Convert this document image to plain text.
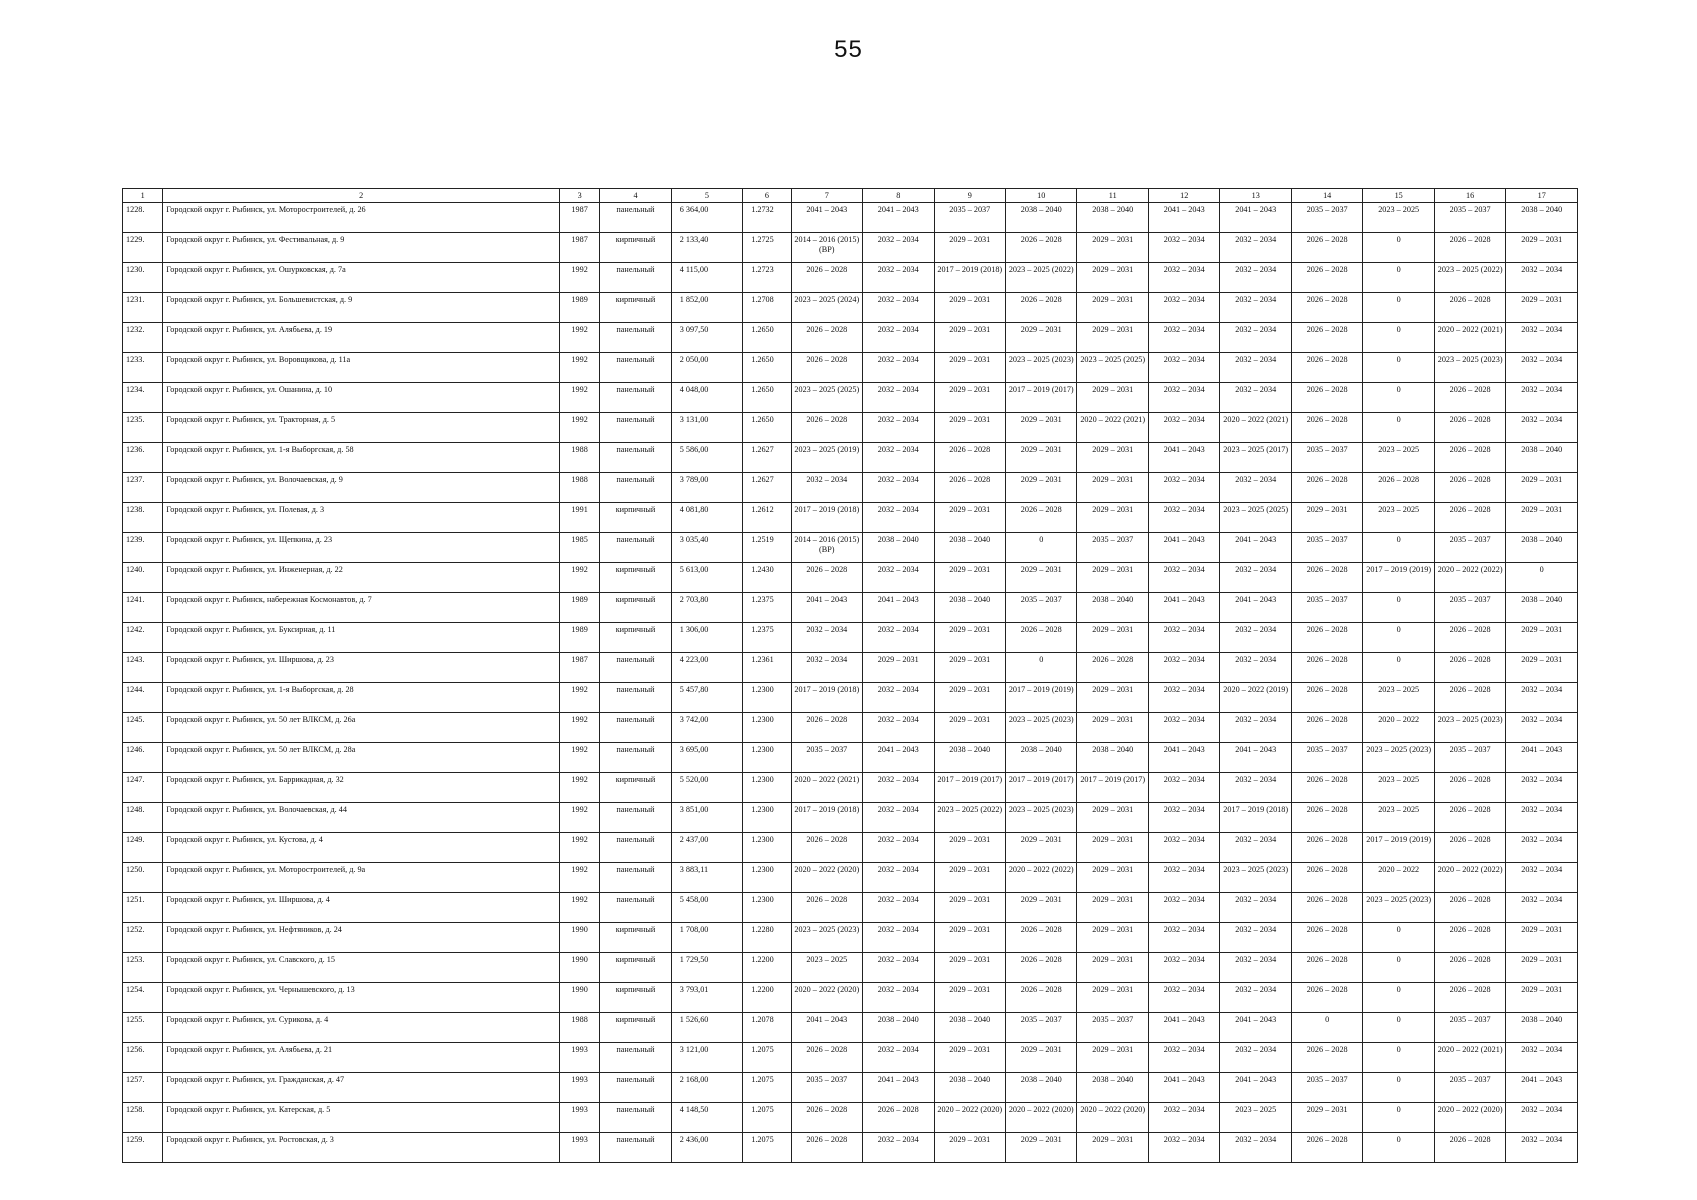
55
1	2	3	4	5	6	7	8	9	10	11	12	13	14	15	16	17
1228.	Городской округ г. Рыбинск, ул. Моторостроителей, д. 26	1987	панельный	6 364,00	1.2732	2041 – 2043	2041 – 2043	2035 – 2037	2038 – 2040	2038 – 2040	2041 – 2043	2041 – 2043	2035 – 2037	2023 – 2025	2035 – 2037	2038 – 2040
1229.	Городской округ г. Рыбинск, ул. Фестивальная, д. 9	1987	кирпичный	2 133,40	1.2725	2014 – 2016 (2015)(ВР)	2032 – 2034	2029 – 2031	2026 – 2028	2029 – 2031	2032 – 2034	2032 – 2034	2026 – 2028	0	2026 – 2028	2029 – 2031
1230.	Городской округ г. Рыбинск, ул. Ошурковская, д. 7а	1992	панельный	4 115,00	1.2723	2026 – 2028	2032 – 2034	2017 – 2019 (2018)	2023 – 2025 (2022)	2029 – 2031	2032 – 2034	2032 – 2034	2026 – 2028	0	2023 – 2025 (2022)	2032 – 2034
1231.	Городской округ г. Рыбинск, ул. Большевистская, д. 9	1989	кирпичный	1 852,00	1.2708	2023 – 2025 (2024)	2032 – 2034	2029 – 2031	2026 – 2028	2029 – 2031	2032 – 2034	2032 – 2034	2026 – 2028	0	2026 – 2028	2029 – 2031
1232.	Городской округ г. Рыбинск, ул. Алябьева, д. 19	1992	панельный	3 097,50	1.2650	2026 – 2028	2032 – 2034	2029 – 2031	2029 – 2031	2029 – 2031	2032 – 2034	2032 – 2034	2026 – 2028	0	2020 – 2022 (2021)	2032 – 2034
1233.	Городской округ г. Рыбинск, ул. Воровщикова, д. 11а	1992	панельный	2 050,00	1.2650	2026 – 2028	2032 – 2034	2029 – 2031	2023 – 2025 (2023)	2023 – 2025 (2025)	2032 – 2034	2032 – 2034	2026 – 2028	0	2023 – 2025 (2023)	2032 – 2034
1234.	Городской округ г. Рыбинск, ул. Ошанина, д. 10	1992	панельный	4 048,00	1.2650	2023 – 2025 (2025)	2032 – 2034	2029 – 2031	2017 – 2019 (2017)	2029 – 2031	2032 – 2034	2032 – 2034	2026 – 2028	0	2026 – 2028	2032 – 2034
1235.	Городской округ г. Рыбинск, ул. Тракторная, д. 5	1992	панельный	3 131,00	1.2650	2026 – 2028	2032 – 2034	2029 – 2031	2029 – 2031	2020 – 2022 (2021)	2032 – 2034	2020 – 2022 (2021)	2026 – 2028	0	2026 – 2028	2032 – 2034
1236.	Городской округ г. Рыбинск, ул. 1-я Выборгская, д. 58	1988	панельный	5 586,00	1.2627	2023 – 2025 (2019)	2032 – 2034	2026 – 2028	2029 – 2031	2029 – 2031	2041 – 2043	2023 – 2025 (2017)	2035 – 2037	2023 – 2025	2026 – 2028	2038 – 2040
1237.	Городской округ г. Рыбинск, ул. Волочаевская, д. 9	1988	панельный	3 789,00	1.2627	2032 – 2034	2032 – 2034	2026 – 2028	2029 – 2031	2029 – 2031	2032 – 2034	2032 – 2034	2026 – 2028	2026 – 2028	2026 – 2028	2029 – 2031
1238.	Городской округ г. Рыбинск, ул. Полевая, д. 3	1991	кирпичный	4 081,80	1.2612	2017 – 2019 (2018)	2032 – 2034	2029 – 2031	2026 – 2028	2029 – 2031	2032 – 2034	2023 – 2025 (2025)	2029 – 2031	2023 – 2025	2026 – 2028	2029 – 2031
1239.	Городской округ г. Рыбинск, ул. Щепкина, д. 23	1985	панельный	3 035,40	1.2519	2014 – 2016 (2015)(ВР)	2038 – 2040	2038 – 2040	0	2035 – 2037	2041 – 2043	2041 – 2043	2035 – 2037	0	2035 – 2037	2038 – 2040
1240.	Городской округ г. Рыбинск, ул. Инженерная, д. 22	1992	кирпичный	5 613,00	1.2430	2026 – 2028	2032 – 2034	2029 – 2031	2029 – 2031	2029 – 2031	2032 – 2034	2032 – 2034	2026 – 2028	2017 – 2019 (2019)	2020 – 2022 (2022)	0
1241.	Городской округ г. Рыбинск, набережная Космонавтов, д. 7	1989	кирпичный	2 703,80	1.2375	2041 – 2043	2041 – 2043	2038 – 2040	2035 – 2037	2038 – 2040	2041 – 2043	2041 – 2043	2035 – 2037	0	2035 – 2037	2038 – 2040
1242.	Городской округ г. Рыбинск, ул. Буксирная, д. 11	1989	кирпичный	1 306,00	1.2375	2032 – 2034	2032 – 2034	2029 – 2031	2026 – 2028	2029 – 2031	2032 – 2034	2032 – 2034	2026 – 2028	0	2026 – 2028	2029 – 2031
1243.	Городской округ г. Рыбинск, ул. Ширшова, д. 23	1987	панельный	4 223,00	1.2361	2032 – 2034	2029 – 2031	2029 – 2031	0	2026 – 2028	2032 – 2034	2032 – 2034	2026 – 2028	0	2026 – 2028	2029 – 2031
1244.	Городской округ г. Рыбинск, ул. 1-я Выборгская, д. 28	1992	панельный	5 457,80	1.2300	2017 – 2019 (2018)	2032 – 2034	2029 – 2031	2017 – 2019 (2019)	2029 – 2031	2032 – 2034	2020 – 2022 (2019)	2026 – 2028	2023 – 2025	2026 – 2028	2032 – 2034
1245.	Городской округ г. Рыбинск, ул. 50 лет ВЛКСМ, д. 26а	1992	панельный	3 742,00	1.2300	2026 – 2028	2032 – 2034	2029 – 2031	2023 – 2025 (2023)	2029 – 2031	2032 – 2034	2032 – 2034	2026 – 2028	2020 – 2022	2023 – 2025 (2023)	2032 – 2034
1246.	Городской округ г. Рыбинск, ул. 50 лет ВЛКСМ, д. 28а	1992	панельный	3 695,00	1.2300	2035 – 2037	2041 – 2043	2038 – 2040	2038 – 2040	2038 – 2040	2041 – 2043	2041 – 2043	2035 – 2037	2023 – 2025 (2023)	2035 – 2037	2041 – 2043
1247.	Городской округ г. Рыбинск, ул. Баррикадная, д. 32	1992	кирпичный	5 520,00	1.2300	2020 – 2022 (2021)	2032 – 2034	2017 – 2019 (2017)	2017 – 2019 (2017)	2017 – 2019 (2017)	2032 – 2034	2032 – 2034	2026 – 2028	2023 – 2025	2026 – 2028	2032 – 2034
1248.	Городской округ г. Рыбинск, ул. Волочаевская, д. 44	1992	панельный	3 851,00	1.2300	2017 – 2019 (2018)	2032 – 2034	2023 – 2025 (2022)	2023 – 2025 (2023)	2029 – 2031	2032 – 2034	2017 – 2019 (2018)	2026 – 2028	2023 – 2025	2026 – 2028	2032 – 2034
1249.	Городской округ г. Рыбинск, ул. Кустова, д. 4	1992	панельный	2 437,00	1.2300	2026 – 2028	2032 – 2034	2029 – 2031	2029 – 2031	2029 – 2031	2032 – 2034	2032 – 2034	2026 – 2028	2017 – 2019 (2019)	2026 – 2028	2032 – 2034
1250.	Городской округ г. Рыбинск, ул. Моторостроителей, д. 9а	1992	панельный	3 883,11	1.2300	2020 – 2022 (2020)	2032 – 2034	2029 – 2031	2020 – 2022 (2022)	2029 – 2031	2032 – 2034	2023 – 2025 (2023)	2026 – 2028	2020 – 2022	2020 – 2022 (2022)	2032 – 2034
1251.	Городской округ г. Рыбинск, ул. Ширшова, д. 4	1992	панельный	5 458,00	1.2300	2026 – 2028	2032 – 2034	2029 – 2031	2029 – 2031	2029 – 2031	2032 – 2034	2032 – 2034	2026 – 2028	2023 – 2025 (2023)	2026 – 2028	2032 – 2034
1252.	Городской округ г. Рыбинск, ул. Нефтяников, д. 24	1990	кирпичный	1 708,00	1.2280	2023 – 2025 (2023)	2032 – 2034	2029 – 2031	2026 – 2028	2029 – 2031	2032 – 2034	2032 – 2034	2026 – 2028	0	2026 – 2028	2029 – 2031
1253.	Городской округ г. Рыбинск, ул. Славского, д. 15	1990	кирпичный	1 729,50	1.2200	2023 – 2025	2032 – 2034	2029 – 2031	2026 – 2028	2029 – 2031	2032 – 2034	2032 – 2034	2026 – 2028	0	2026 – 2028	2029 – 2031
1254.	Городской округ г. Рыбинск, ул. Чернышевского, д. 13	1990	кирпичный	3 793,01	1.2200	2020 – 2022 (2020)	2032 – 2034	2029 – 2031	2026 – 2028	2029 – 2031	2032 – 2034	2032 – 2034	2026 – 2028	0	2026 – 2028	2029 – 2031
1255.	Городской округ г. Рыбинск, ул. Сурикова, д. 4	1988	кирпичный	1 526,60	1.2078	2041 – 2043	2038 – 2040	2038 – 2040	2035 – 2037	2035 – 2037	2041 – 2043	2041 – 2043	0	0	2035 – 2037	2038 – 2040
1256.	Городской округ г. Рыбинск, ул. Алябьева, д. 21	1993	панельный	3 121,00	1.2075	2026 – 2028	2032 – 2034	2029 – 2031	2029 – 2031	2029 – 2031	2032 – 2034	2032 – 2034	2026 – 2028	0	2020 – 2022 (2021)	2032 – 2034
1257.	Городской округ г. Рыбинск, ул. Гражданская, д. 47	1993	панельный	2 168,00	1.2075	2035 – 2037	2041 – 2043	2038 – 2040	2038 – 2040	2038 – 2040	2041 – 2043	2041 – 2043	2035 – 2037	0	2035 – 2037	2041 – 2043
1258.	Городской округ г. Рыбинск, ул. Катерская, д. 5	1993	панельный	4 148,50	1.2075	2026 – 2028	2026 – 2028	2020 – 2022 (2020)	2020 – 2022 (2020)	2020 – 2022 (2020)	2032 – 2034	2023 – 2025	2029 – 2031	0	2020 – 2022 (2020)	2032 – 2034
1259.	Городской округ г. Рыбинск, ул. Ростовская, д. 3	1993	панельный	2 436,00	1.2075	2026 – 2028	2032 – 2034	2029 – 2031	2029 – 2031	2029 – 2031	2032 – 2034	2032 – 2034	2026 – 2028	0	2026 – 2028	2032 – 2034
